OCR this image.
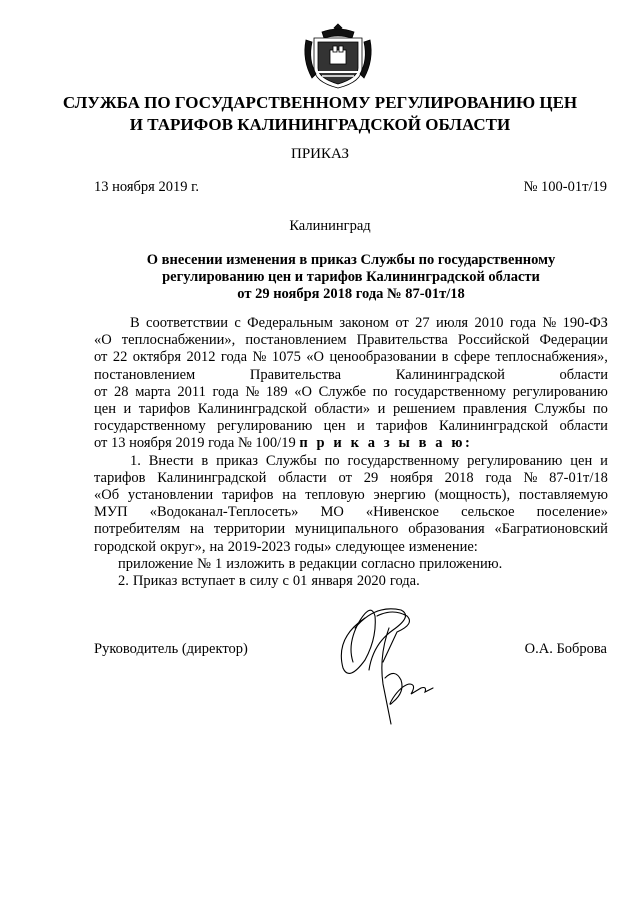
СЛУЖБА ПО ГОСУДАРСТВЕННОМУ РЕГУЛИРОВАНИЮ ЦЕН
И ТАРИФОВ КАЛИНИНГРАДСКОЙ ОБЛАСТИ
ПРИКАЗ
13 ноября 2019 г.	№ 100-01т/19
Калининград
О внесении изменения в приказ Службы по государственному
регулированию цен и тарифов Калининградской области
от 29 ноября 2018 года № 87-01т/18
В соответствии с Федеральным законом от 27 июля 2010 года № 190-ФЗ
«О теплоснабжении», постановлением Правительства Российской Федерации
от 22 октября 2012 года № 1075 «О ценообразовании в сфере теплоснабжения»,
постановлением	Правительства	Калининградской	области
от 28 марта 2011 года № 189 «О Службе по государственному регулированию
цен и тарифов Калининградской области» и решением правления Службы по
государственному регулированию цен и тарифов Калининградской области
от 13 ноября 2019 года № 100/19
п р и к а з ы в а ю:
1. Внести в приказ Службы по государственному регулированию цен и
тарифов Калининградской области от 29 ноября 2018 года № 87-01т/18
«Об установлении тарифов на тепловую энергию (мощность), поставляемую
МУП «Водоканал-Теплосеть» МО «Нивенское сельское поселение»
потребителям на территории муниципального образования «Багратионовский
городской округ», на 2019-2023 годы» следующее изменение:
приложение № 1 изложить в редакции согласно приложению.
2. Приказ вступает в силу с 01 января 2020 года.
Руководитель (директор)	О.А. Боброва
